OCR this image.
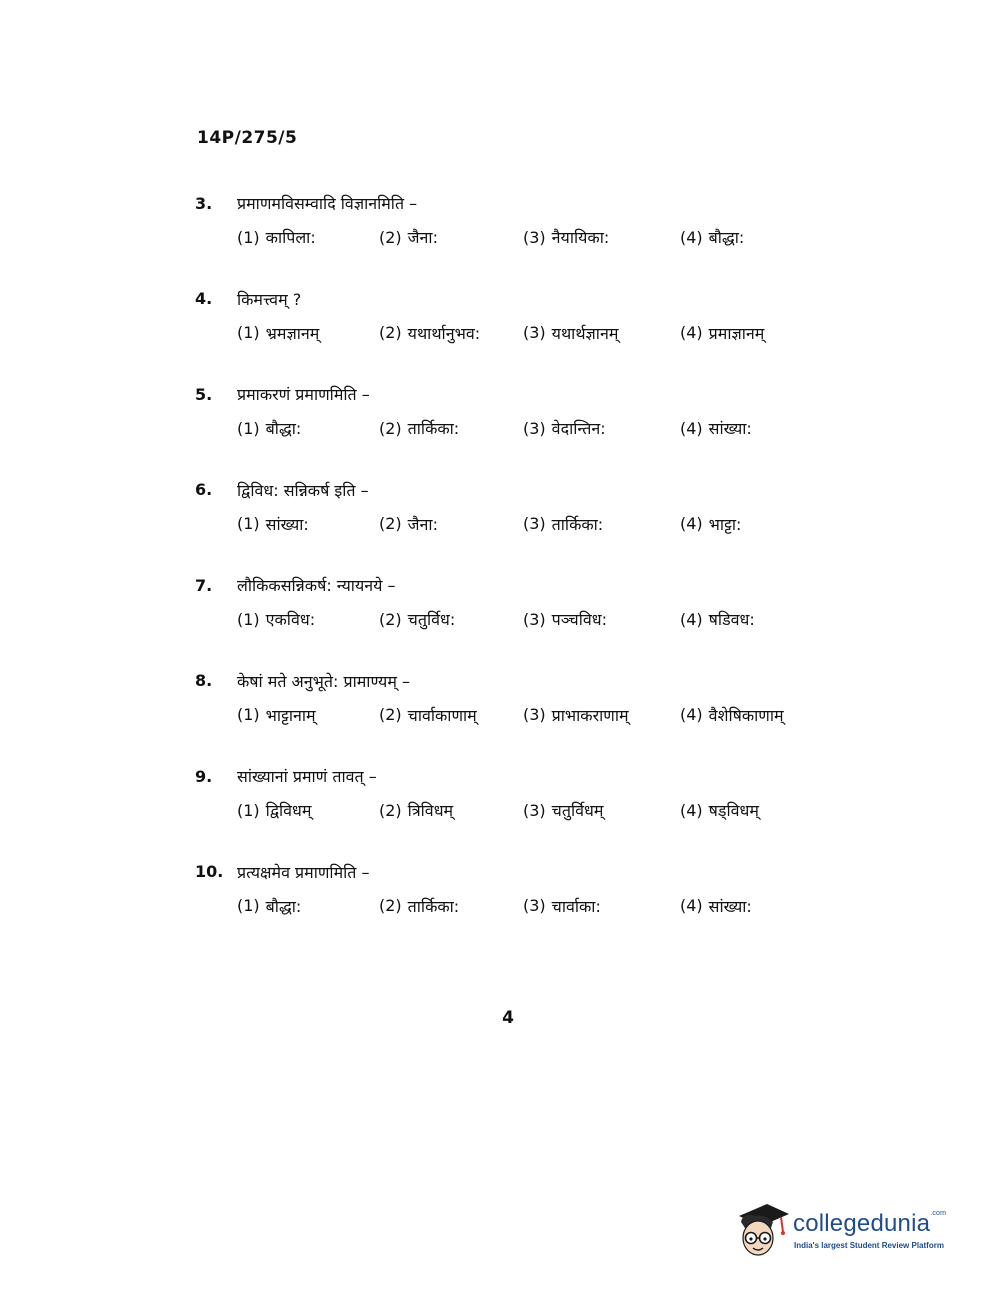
14P/275/5
3.	प्रमाणमविसम्वादि विज्ञानमिति –
(1) कापिला:	(2) जैना:	(3) नैयायिका:	(4) बौद्धा:
4.	किमत्त्वम् ?
(1) भ्रमज्ञानम्	(2) यथार्थानुभव:	(3) यथार्थज्ञानम्	(4) प्रमाज्ञानम्
5.	प्रमाकरणं प्रमाणमिति –
(1) बौद्धा:	(2) तार्किका:	(3) वेदान्तिन:	(4) सांख्या:
6.	द्विविध: सन्निकर्ष इति –
(1) सांख्या:	(2) जैना:	(3) तार्किका:	(4) भाट्टा:
7.	लौकिकसन्निकर्ष: न्यायनये –
(1) एकविध:	(2) चतुर्विध:	(3) पञ्चविध:	(4) षडिवध:
8.	केषां मते अनुभूते: प्रामाण्यम् –
(1) भाट्टानाम्	(2) चार्वाकाणाम्	(3) प्राभाकराणाम्	(4) वैशेषिकाणाम्
9.	सांख्यानां प्रमाणं तावत् –
(1) द्विविधम्	(2) त्रिविधम्	(3) चतुर्विधम्	(4) षड्विधम्
10. प्रत्यक्षमेव प्रमाणमिति –
(1) बौद्धा:	(2) तार्किका:	(3) चार्वाका:	(4) सांख्या:
4
collegedunia$^{.com}$
India's largest Student Review Platform
